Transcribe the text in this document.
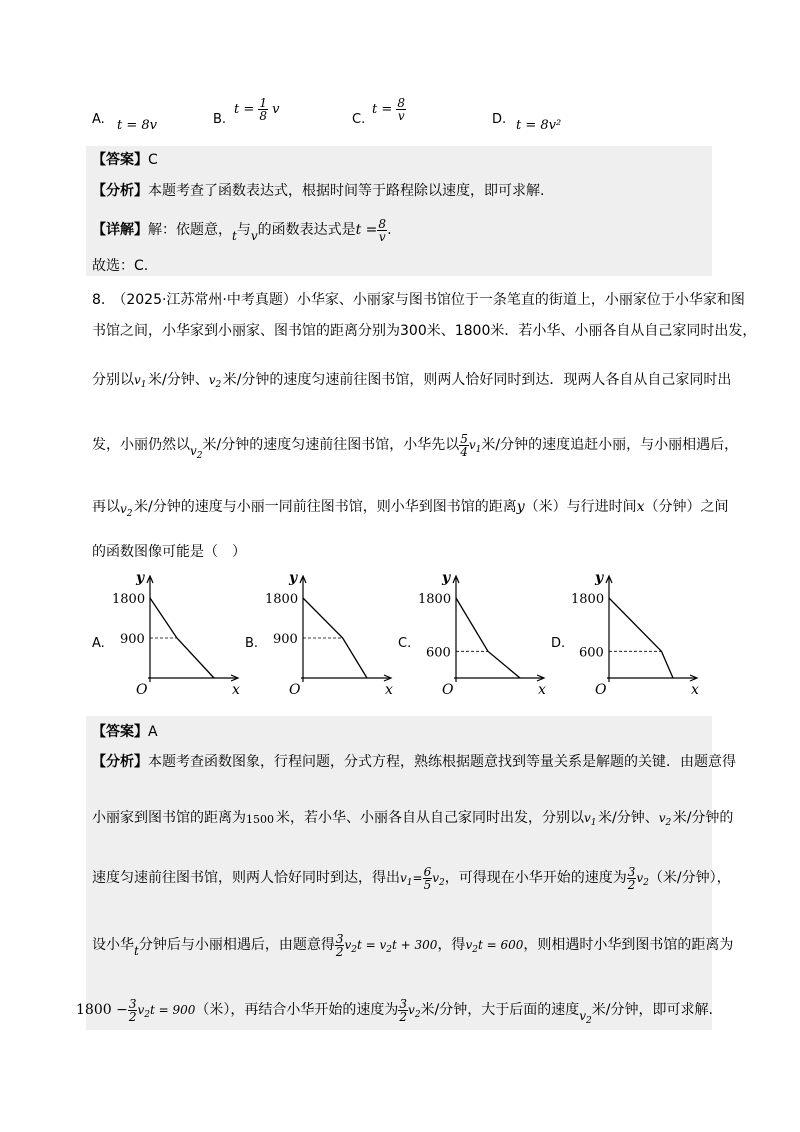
A. t = 8v	B.
$t = \frac{1}{8}$ v
C.
$t = \frac{8}{v}$	D. t = 8v²
【答案】C
【分析】本题考查了函数表达式，根据时间等于路程除以速度，即可求解.
【详解】解：依题意，t与v的函数表达式是$t = \frac{8}{v}$ .
故选：C.
8.　（2025·江苏常州·中考真题）小华家、小丽家与图书馆位于一条笔直的街道上，小丽家位于小华家和图
书馆之间，小华家到小丽家、图书馆的距离分别为300米、1800米．若小华、小丽各自从自己家同时出发，
分别以 $v_1$ 米/分钟、 $v_2$ 米/分钟的速度匀速前往图书馆，则两人恰好同时到达．现两人各自从自己家同时出
发，小丽仍然以$v_2$米/分钟的速度匀速前往图书馆，小华先以 $\frac{5}{4} v_1$米/分钟的速度追赶小丽，与小丽相遇后，
再以 $v_2$ 米/分钟的速度与小丽一同前往图书馆，则小华到图书馆的距离y（米）与行进时间x（分钟）之间
的函数图像可能是（　）
A.
y
x
O
1800
900	B.
y
x
O
1800
900	C.
y
x
O
1800
600
D.
y
x
O
1800
600
【答案】A
【分析】本题考查函数图象，行程问题，分式方程，熟练根据题意找到等量关系是解题的关键．由题意得
小丽家到图书馆的距离为 1500 米，若小华、小丽各自从自己家同时出发，分别以 $v_1$ 米/分钟、 $v_2$ 米/分钟的
速度匀速前往图书馆，则两人恰好同时到达，得出$v_1= \frac{6}{5} v_2$，可得现在小华开始的速度为 $\frac{3}{2} v_2$（米/分钟），
设小华t分钟后与小丽相遇后，由题意得 $\frac{3}{2} v_2t = v_2t + 300$，得$v_2t = 600$，则相遇时小华到图书馆的距离为
$1800 - \frac{3}{2} v_2t = 900$（米），再结合小华开始的速度为 $\frac{3}{2} v_2$米/分钟，大于后面的速度$v_2$米/分钟，即可求解.
